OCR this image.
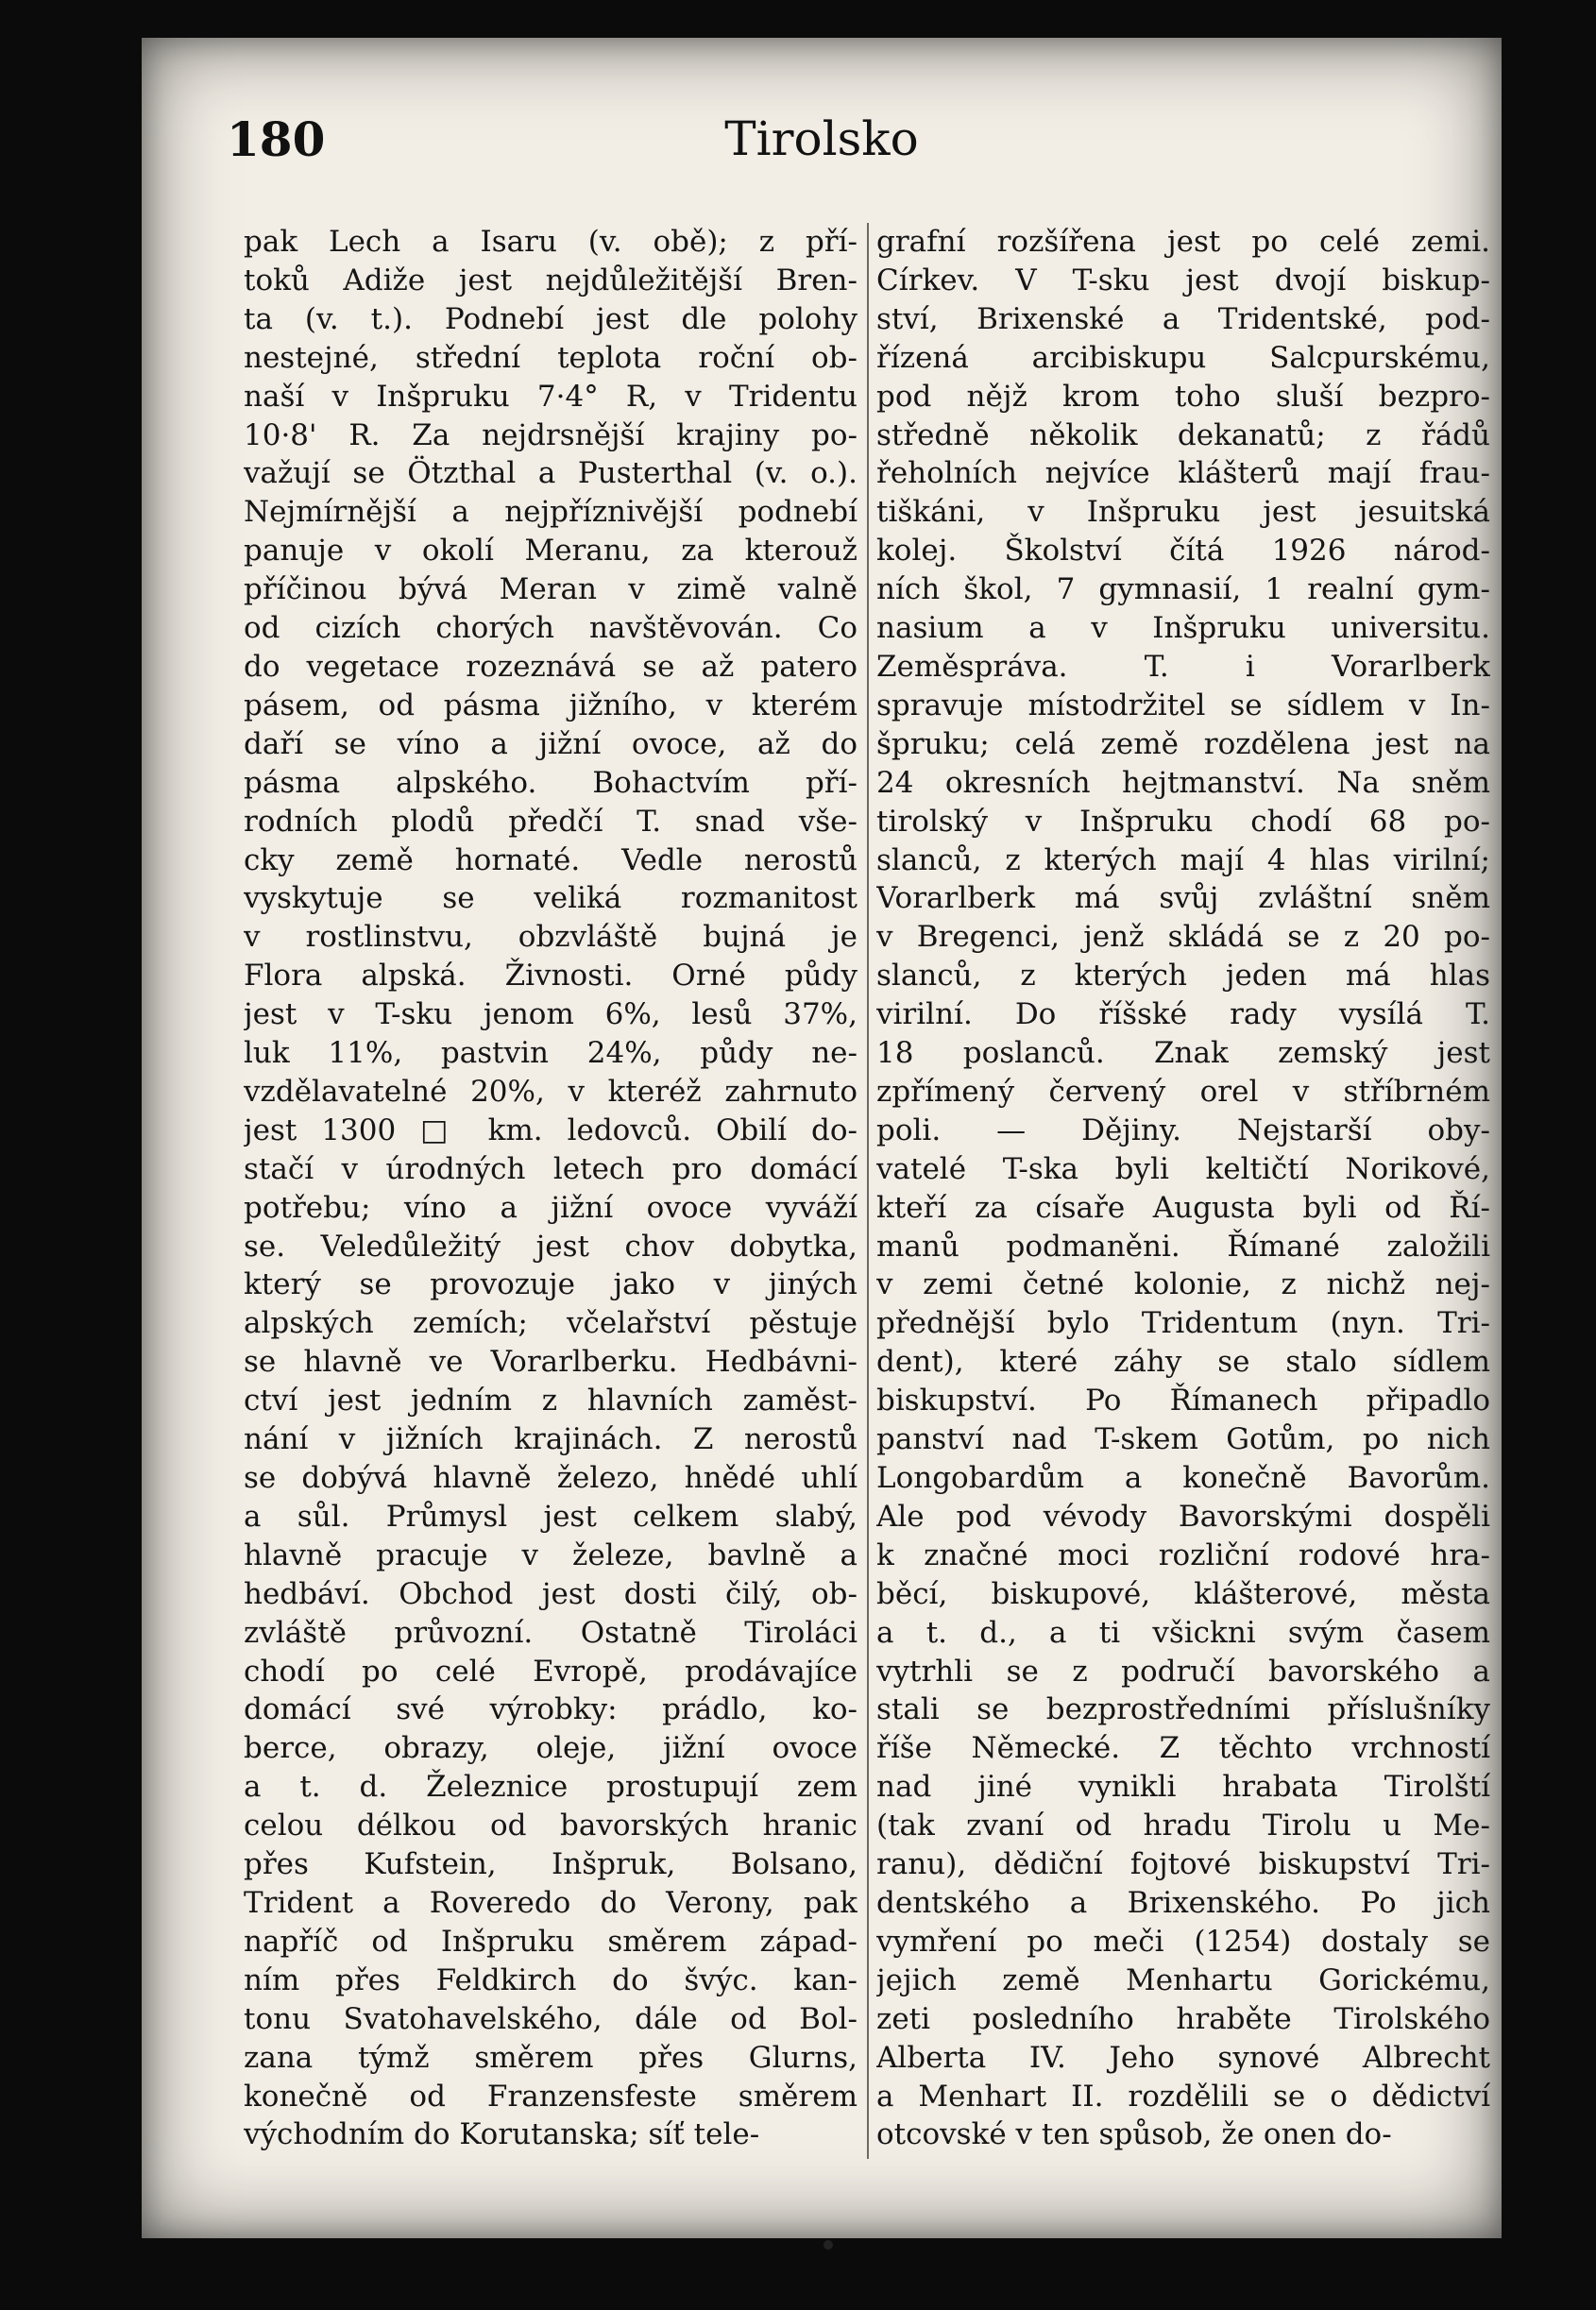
180	Tirolsko
pak Lech a Isaru (v. obě); z pří-
toků Adiže jest nejdůležitější Bren-
ta (v. t.). Podnebí jest dle polohy
nestejné, střední teplota roční ob-
naší v Inšpruku 7·4° R, v Tridentu
10·8' R. Za nejdrsnější krajiny po-
važují se Ötzthal a Pusterthal (v. o.).
Nejmírnější a nejpříznivější podnebí
panuje v okolí Meranu, za kterouž
příčinou bývá Meran v zimě valně
od cizích chorých navštěvován. Co
do vegetace rozeznává se až patero
pásem, od pásma jižního, v kterém
daří se víno a jižní ovoce, až do
pásma alpského. Bohactvím pří-
rodních plodů předčí T. snad vše-
cky země hornaté. Vedle nerostů
vyskytuje se veliká rozmanitost
v rostlinstvu, obzvláště bujná je
Flora alpská. Živnosti. Orné půdy
jest v T-sku jenom 6%, lesů 37%,
luk 11%, pastvin 24%, půdy ne-
vzdělavatelné 20%, v kteréž zahrnuto
jest 1300 □ km. ledovců. Obilí do-
stačí v úrodných letech pro domácí
potřebu; víno a jižní ovoce vyváží
se. Veledůležitý jest chov dobytka,
který se provozuje jako v jiných
alpských zemích; včelařství pěstuje
se hlavně ve Vorarlberku. Hedbávni-
ctví jest jedním z hlavních zaměst-
nání v jižních krajinách. Z nerostů
se dobývá hlavně železo, hnědé uhlí
a sůl. Průmysl jest celkem slabý,
hlavně pracuje v železe, bavlně a
hedbáví. Obchod jest dosti čilý, ob-
zvláště průvozní. Ostatně Tiroláci
chodí po celé Evropě, prodávajíce
domácí své výrobky: prádlo, ko-
berce, obrazy, oleje, jižní ovoce
a t. d. Železnice prostupují zem
celou délkou od bavorských hranic
přes Kufstein, Inšpruk, Bolsano,
Trident a Roveredo do Verony, pak
napříč od Inšpruku směrem západ-
ním přes Feldkirch do švýc. kan-
tonu Svatohavelského, dále od Bol-
zana týmž směrem přes Glurns,
konečně od Franzensfeste směrem
východním do Korutanska; síť tele-
grafní rozšířena jest po celé zemi.
Církev. V T-sku jest dvojí biskup-
ství, Brixenské a Tridentské, pod-
řízená arcibiskupu Salcpurskému,
pod nějž krom toho sluší bezpro-
středně několik dekanatů; z řádů
řeholních nejvíce klášterů mají frau-
tiškáni, v Inšpruku jest jesuitská
kolej. Školství čítá 1926 národ-
ních škol, 7 gymnasií, 1 realní gym-
nasium a v Inšpruku universitu.
Zeměspráva. T. i Vorarlberk
spravuje místodržitel se sídlem v In-
špruku; celá země rozdělena jest na
24 okresních hejtmanství. Na sněm
tirolský v Inšpruku chodí 68 po-
slanců, z kterých mají 4 hlas virilní;
Vorarlberk má svůj zvláštní sněm
v Bregenci, jenž skládá se z 20 po-
slanců, z kterých jeden má hlas
virilní. Do říšské rady vysílá T.
18 poslanců. Znak zemský jest
zpřímený červený orel v stříbrném
poli. — Dějiny. Nejstarší oby-
vatelé T-ska byli keltičtí Norikové,
kteří za císaře Augusta byli od Ří-
manů podmaněni. Římané založili
v zemi četné kolonie, z nichž nej-
přednější bylo Tridentum (nyn. Tri-
dent), které záhy se stalo sídlem
biskupství. Po Římanech připadlo
panství nad T-skem Gotům, po nich
Longobardům a konečně Bavorům.
Ale pod vévody Bavorskými dospěli
k značné moci rozliční rodové hra-
běcí, biskupové, klášterové, města
a t. d., a ti všickni svým časem
vytrhli se z područí bavorského a
stali se bezprostředními příslušníky
říše Německé. Z těchto vrchností
nad jiné vynikli hrabata Tirolští
(tak zvaní od hradu Tirolu u Me-
ranu), dědiční fojtové biskupství Tri-
dentského a Brixenského. Po jich
vymření po meči (1254) dostaly se
jejich země Menhartu Gorickému,
zeti posledního hraběte Tirolského
Alberta IV. Jeho synové Albrecht
a Menhart II. rozdělili se o dědictví
otcovské v ten spůsob, že onen do-
